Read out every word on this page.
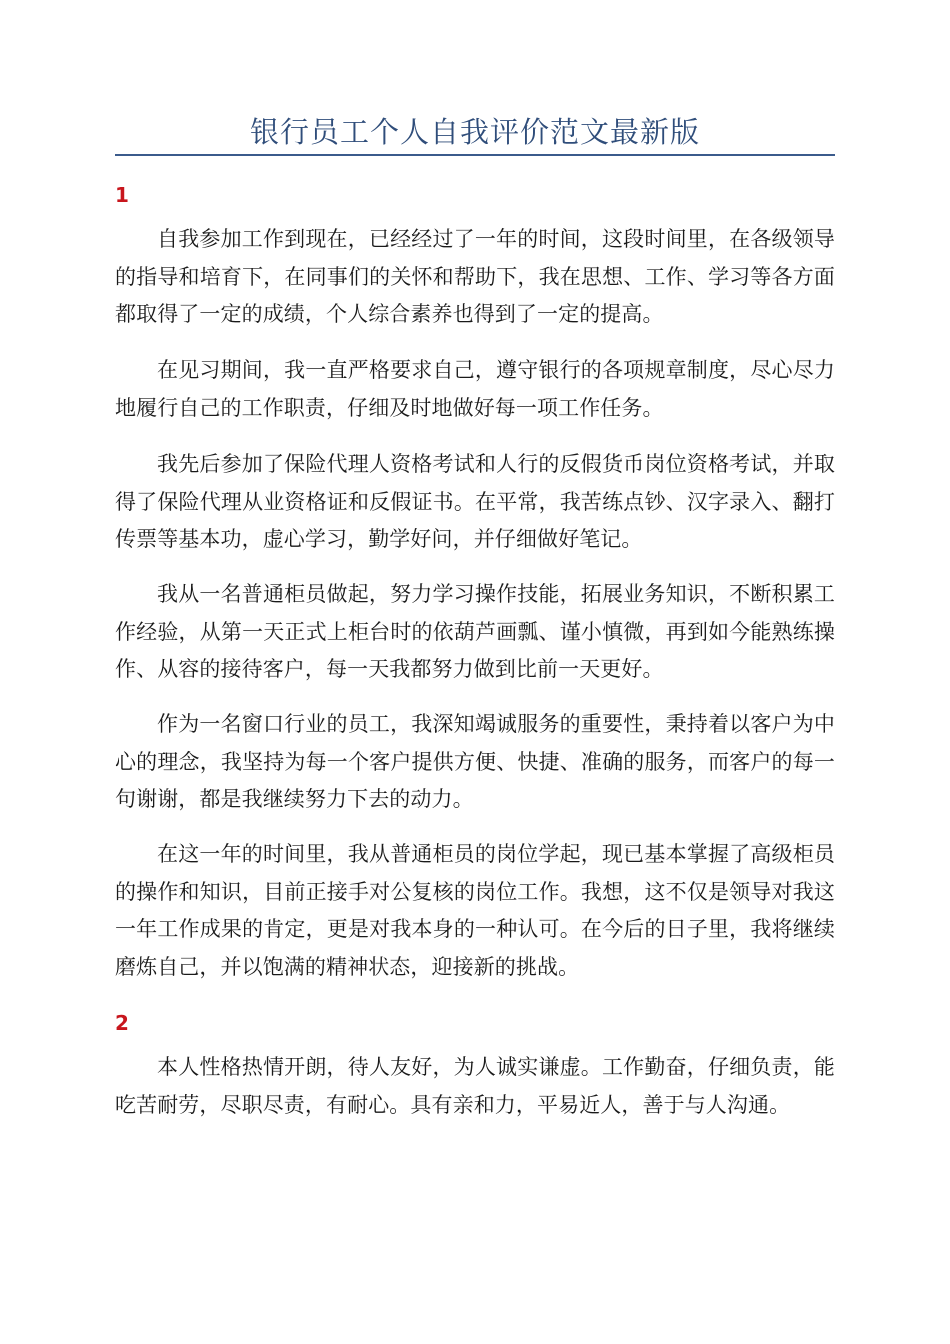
银行员工个人自我评价范文最新版
1

自我参加工作到现在，已经经过了一年的时间，这段时间里，在各级领导的指导和培育下，在同事们的关怀和帮助下，我在思想、工作、学习等各方面都取得了一定的成绩，个人综合素养也得到了一定的提高。

在见习期间，我一直严格要求自己，遵守银行的各项规章制度，尽心尽力地履行自己的工作职责，仔细及时地做好每一项工作任务。

我先后参加了保险代理人资格考试和人行的反假货币岗位资格考试，并取得了保险代理从业资格证和反假证书。在平常，我苦练点钞、汉字录入、翻打传票等基本功，虚心学习，勤学好问，并仔细做好笔记。

我从一名普通柜员做起，努力学习操作技能，拓展业务知识，不断积累工作经验，从第一天正式上柜台时的依葫芦画瓢、谨小慎微，再到如今能熟练操作、从容的接待客户，每一天我都努力做到比前一天更好。

作为一名窗口行业的员工，我深知竭诚服务的重要性，秉持着以客户为中心的理念，我坚持为每一个客户提供方便、快捷、准确的服务，而客户的每一句谢谢，都是我继续努力下去的动力。

在这一年的时间里，我从普通柜员的岗位学起，现已基本掌握了高级柜员的操作和知识，目前正接手对公复核的岗位工作。我想，这不仅是领导对我这一年工作成果的肯定，更是对我本身的一种认可。在今后的日子里，我将继续磨炼自己，并以饱满的精神状态，迎接新的挑战。

2

本人性格热情开朗，待人友好，为人诚实谦虚。工作勤奋，仔细负责，能吃苦耐劳，尽职尽责，有耐心。具有亲和力，平易近人，善于与人沟通。
